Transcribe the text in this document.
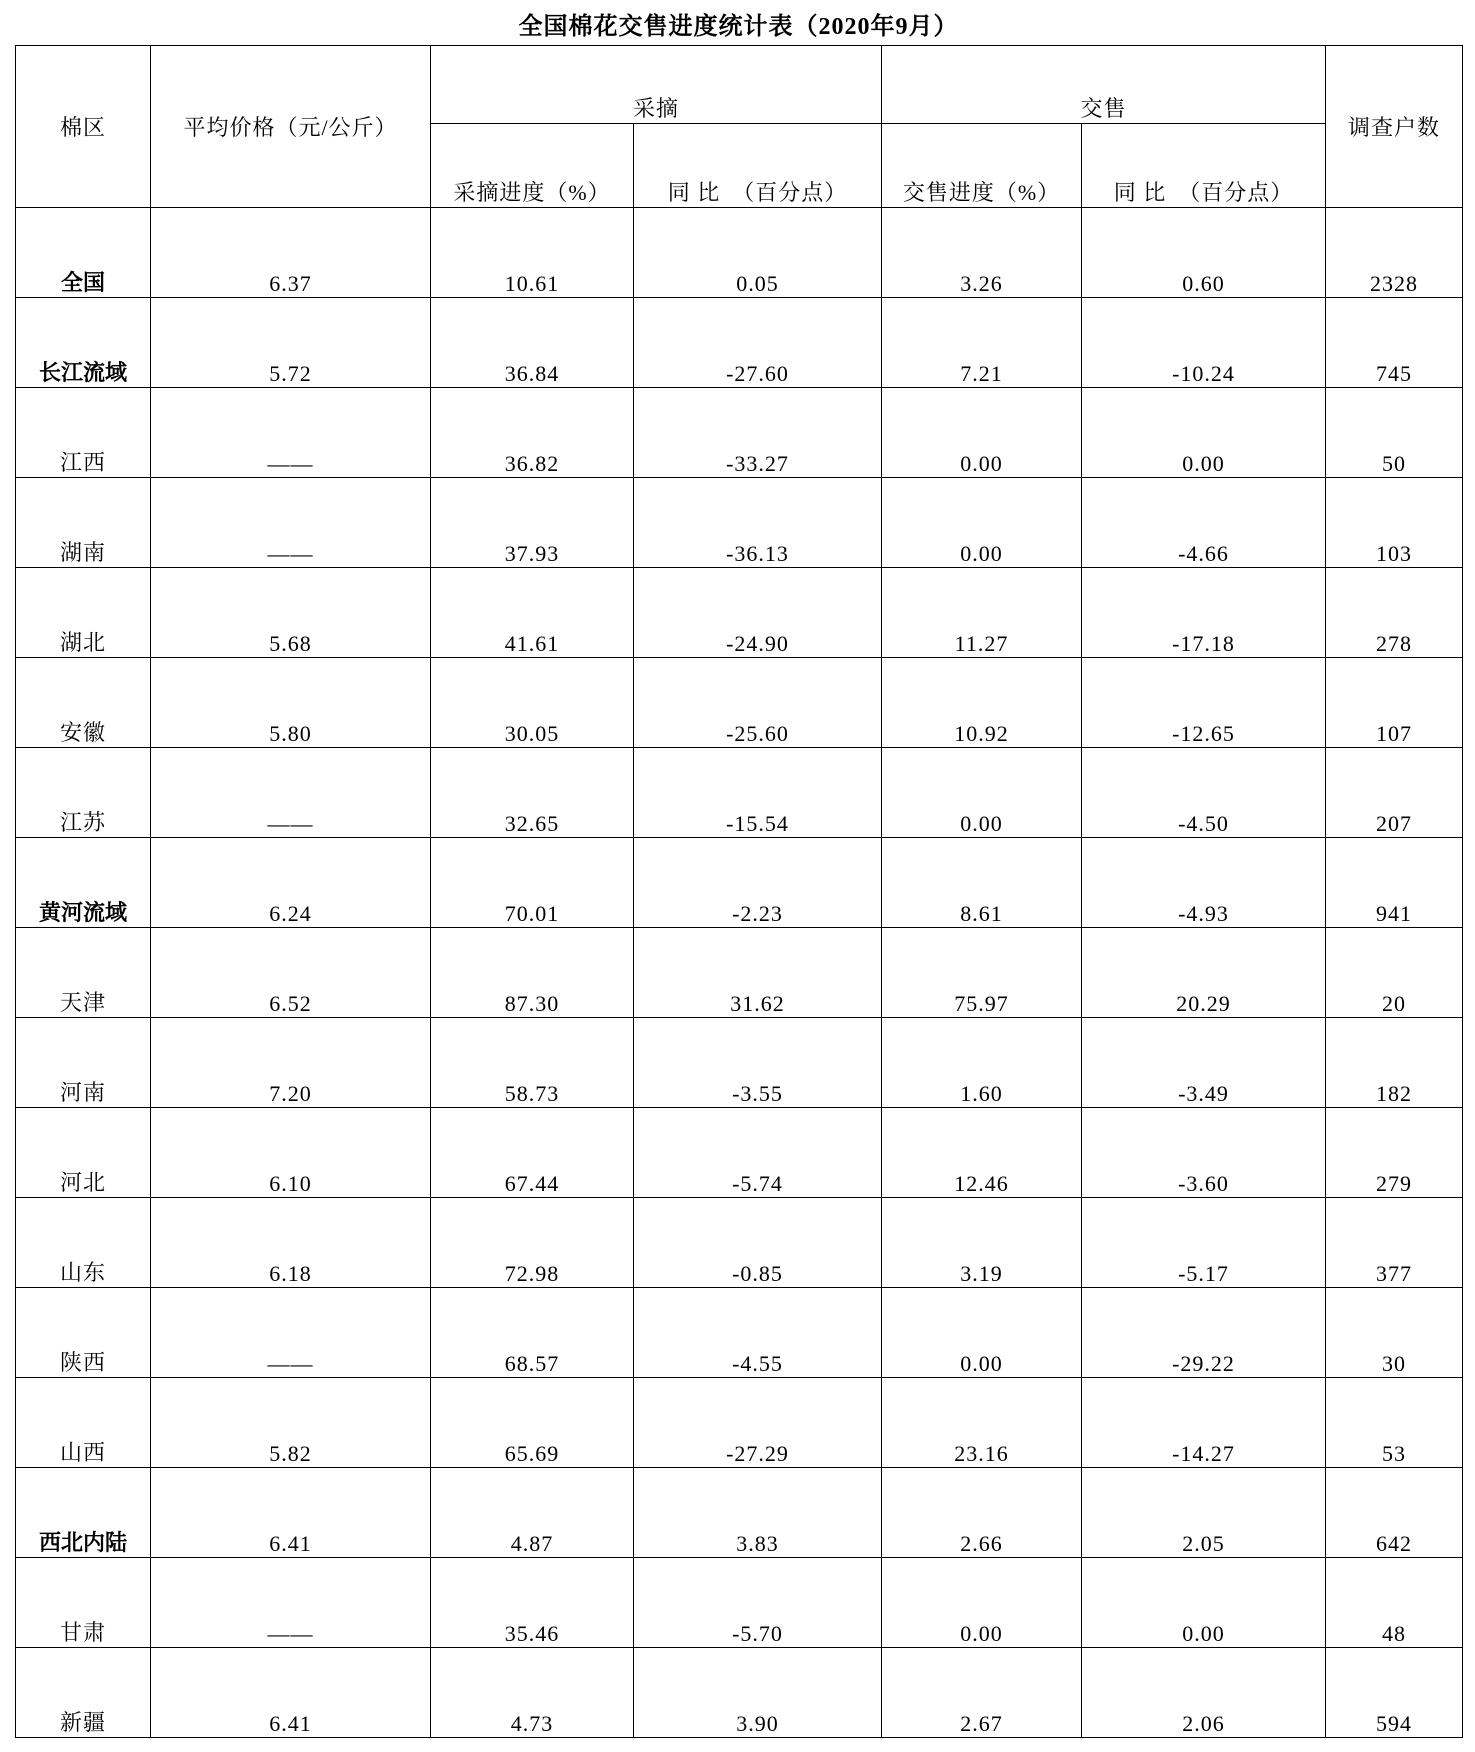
全国棉花交售进度统计表（2020年9月）
棉区	平均价格（元/公斤）	采摘		交售		调查户数
		采摘进度（%）	同 比　（百分点）	交售进度（%）	同 比　（百分点）	
全国	6.37	10.61	0.05	3.26	0.60	2328
长江流域	5.72	36.84	-27.60	7.21	-10.24	745
江西	——	36.82	-33.27	0.00	0.00	50
湖南	——	37.93	-36.13	0.00	-4.66	103
湖北	5.68	41.61	-24.90	11.27	-17.18	278
安徽	5.80	30.05	-25.60	10.92	-12.65	107
江苏	——	32.65	-15.54	0.00	-4.50	207
黄河流域	6.24	70.01	-2.23	8.61	-4.93	941
天津	6.52	87.30	31.62	75.97	20.29	20
河南	7.20	58.73	-3.55	1.60	-3.49	182
河北	6.10	67.44	-5.74	12.46	-3.60	279
山东	6.18	72.98	-0.85	3.19	-5.17	377
陕西	——	68.57	-4.55	0.00	-29.22	30
山西	5.82	65.69	-27.29	23.16	-14.27	53
西北内陆	6.41	4.87	3.83	2.66	2.05	642
甘肃	——	35.46	-5.70	0.00	0.00	48
新疆	6.41	4.73	3.90	2.67	2.06	594
